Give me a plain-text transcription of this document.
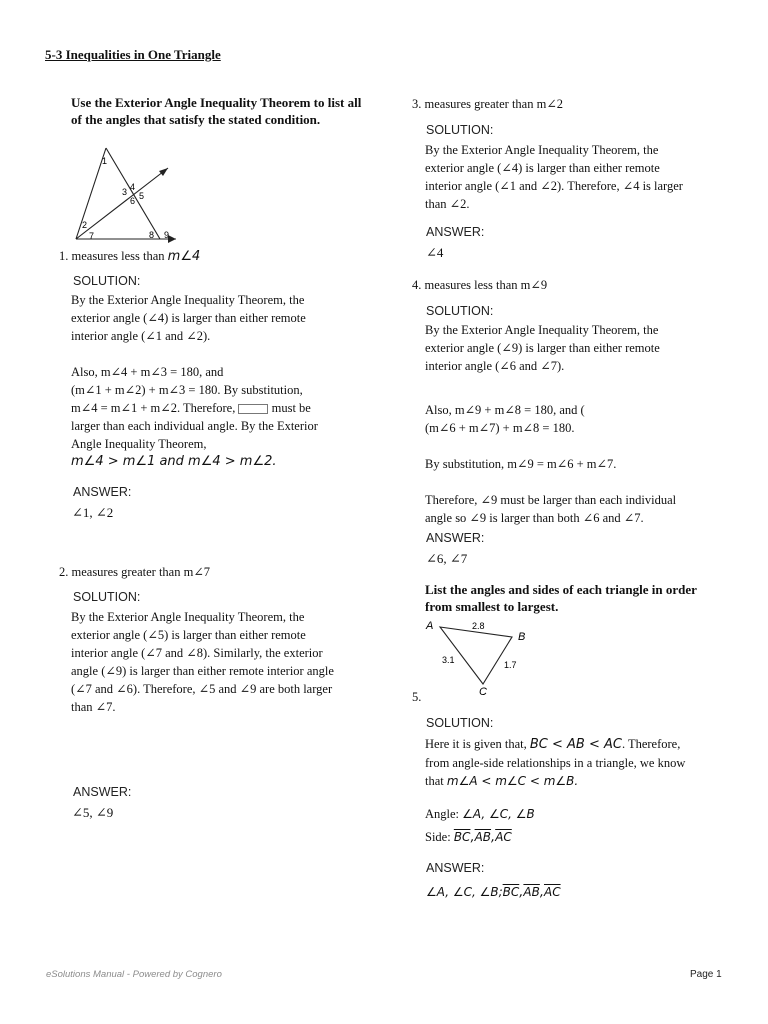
5-3 Inequalities in One Triangle
Use the Exterior Angle Inequality Theorem to list all of the angles that satisfy the stated condition.
1
3 4
6 5
2
7	8 9
1. measures less than m∠4
SOLUTION:
By the Exterior Angle Inequality Theorem, the
exterior angle (∠4) is larger than either remote
interior angle (∠1 and ∠2).
Also, m∠4 + m∠3 = 180, and
(m∠1 + m∠2) + m∠3 = 180. By substitution,
m∠4 = m∠1 + m∠2. Therefore,	must be
larger than each individual angle. By the Exterior
Angle Inequality Theorem,
m∠4 > m∠1 and m∠4 > m∠2.
ANSWER:
∠1, ∠2
2. measures greater than m∠7
SOLUTION:
By the Exterior Angle Inequality Theorem, the
exterior angle (∠5) is larger than either remote
interior angle (∠7 and ∠8). Similarly, the exterior
angle (∠9) is larger than either remote interior angle
(∠7 and ∠6). Therefore, ∠5 and ∠9 are both larger
than ∠7.
ANSWER:
∠5, ∠9
3. measures greater than m∠2
SOLUTION:
By the Exterior Angle Inequality Theorem, the
exterior angle (∠4) is larger than either remote
interior angle (∠1 and ∠2). Therefore, ∠4 is larger
than ∠2.
ANSWER:
∠4
4. measures less than m∠9
SOLUTION:
By the Exterior Angle Inequality Theorem, the
exterior angle (∠9) is larger than either remote
interior angle (∠6 and ∠7).
Also, m∠9 + m∠8 = 180, and (
(m∠6 + m∠7) + m∠8 = 180.
By substitution, m∠9 = m∠6 + m∠7.
Therefore, ∠9 must be larger than each individual
angle so ∠9 is larger than both ∠6 and ∠7.
ANSWER:
∠6, ∠7
List the angles and sides of each triangle in order from smallest to largest.
A
B
C
2.8
3.1	1.7
5.
SOLUTION:
Here it is given that, BC < AB < AC. Therefore,
from angle-side relationships in a triangle, we know
that m∠A < m∠C < m∠B.
Angle: ∠A, ∠C, ∠B
Side: $\overline{BC},\overline{AB},\overline{AC}$
ANSWER:
∠A, ∠C, $\angle B;\overline{BC},\overline{AB},\overline{AC}$
eSolutions Manual - Powered by Cognero	Page 1
